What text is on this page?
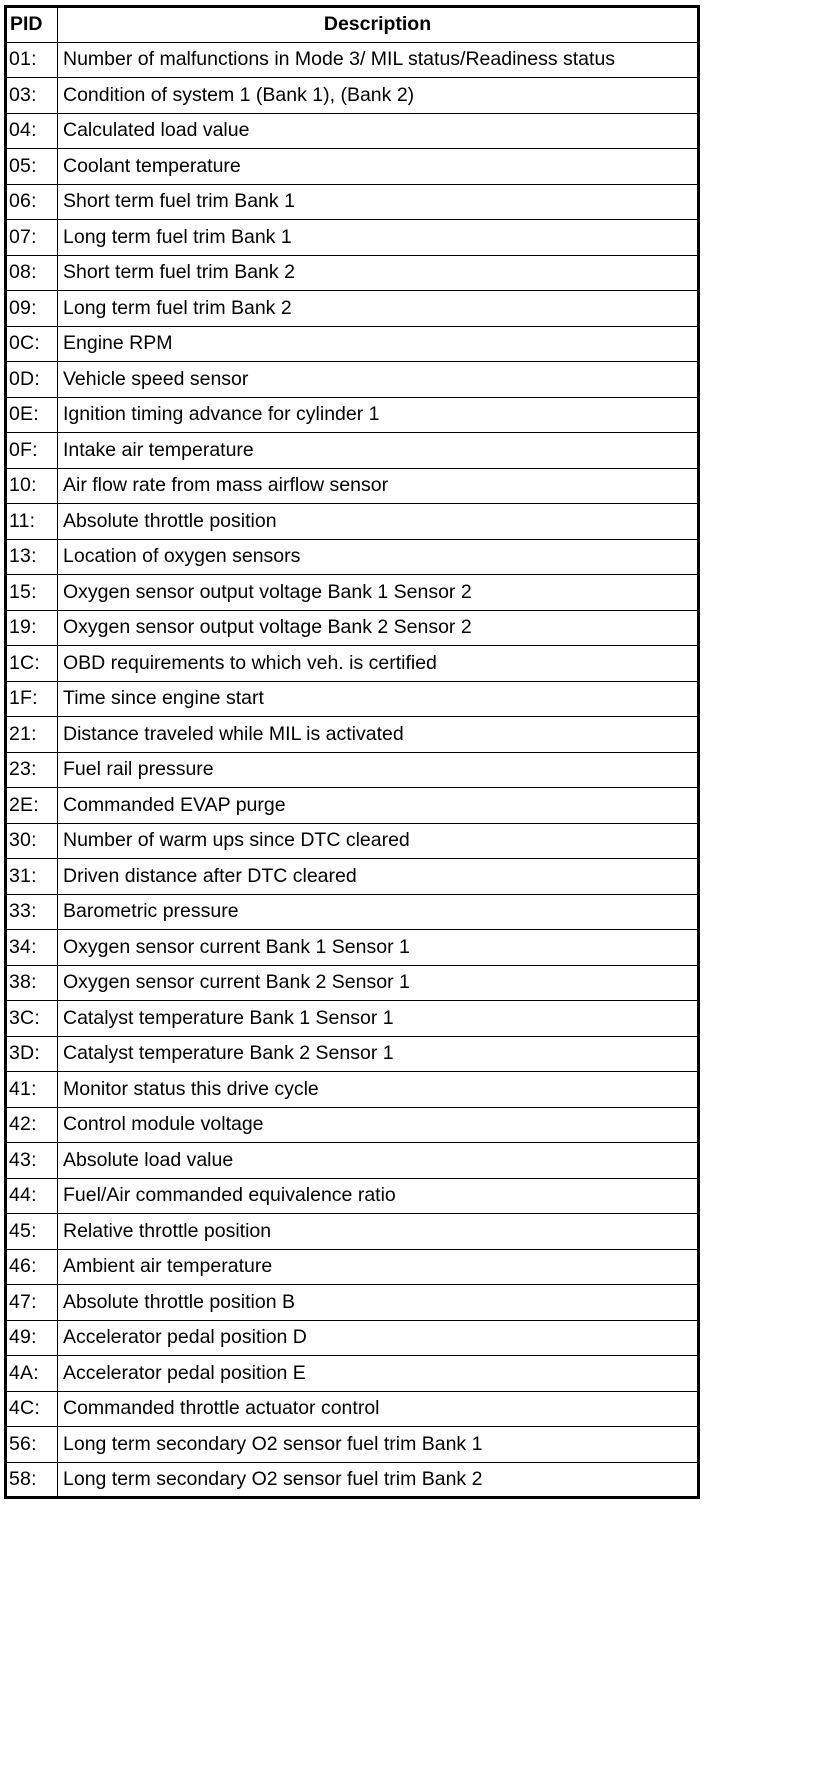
PID	Description
01:	Number of malfunctions in Mode 3/ MIL status/Readiness status
03:	Condition of system 1 (Bank 1), (Bank 2)
04:	Calculated load value
05:	Coolant temperature
06:	Short term fuel trim Bank 1
07:	Long term fuel trim Bank 1
08:	Short term fuel trim Bank 2
09:	Long term fuel trim Bank 2
0C:	Engine RPM
0D:	Vehicle speed sensor
0E:	Ignition timing advance for cylinder 1
0F:	Intake air temperature
10:	Air flow rate from mass airflow sensor
11:	Absolute throttle position
13:	Location of oxygen sensors
15:	Oxygen sensor output voltage Bank 1 Sensor 2
19:	Oxygen sensor output voltage Bank 2 Sensor 2
1C:	OBD requirements to which veh. is certified
1F:	Time since engine start
21:	Distance traveled while MIL is activated
23:	Fuel rail pressure
2E:	Commanded EVAP purge
30:	Number of warm ups since DTC cleared
31:	Driven distance after DTC cleared
33:	Barometric pressure
34:	Oxygen sensor current Bank 1 Sensor 1
38:	Oxygen sensor current Bank 2 Sensor 1
3C:	Catalyst temperature Bank 1 Sensor 1
3D:	Catalyst temperature Bank 2 Sensor 1
41:	Monitor status this drive cycle
42:	Control module voltage
43:	Absolute load value
44:	Fuel/Air commanded equivalence ratio
45:	Relative throttle position
46:	Ambient air temperature
47:	Absolute throttle position B
49:	Accelerator pedal position D
4A:	Accelerator pedal position E
4C:	Commanded throttle actuator control
56:	Long term secondary O2 sensor fuel trim Bank 1
58:	Long term secondary O2 sensor fuel trim Bank 2
